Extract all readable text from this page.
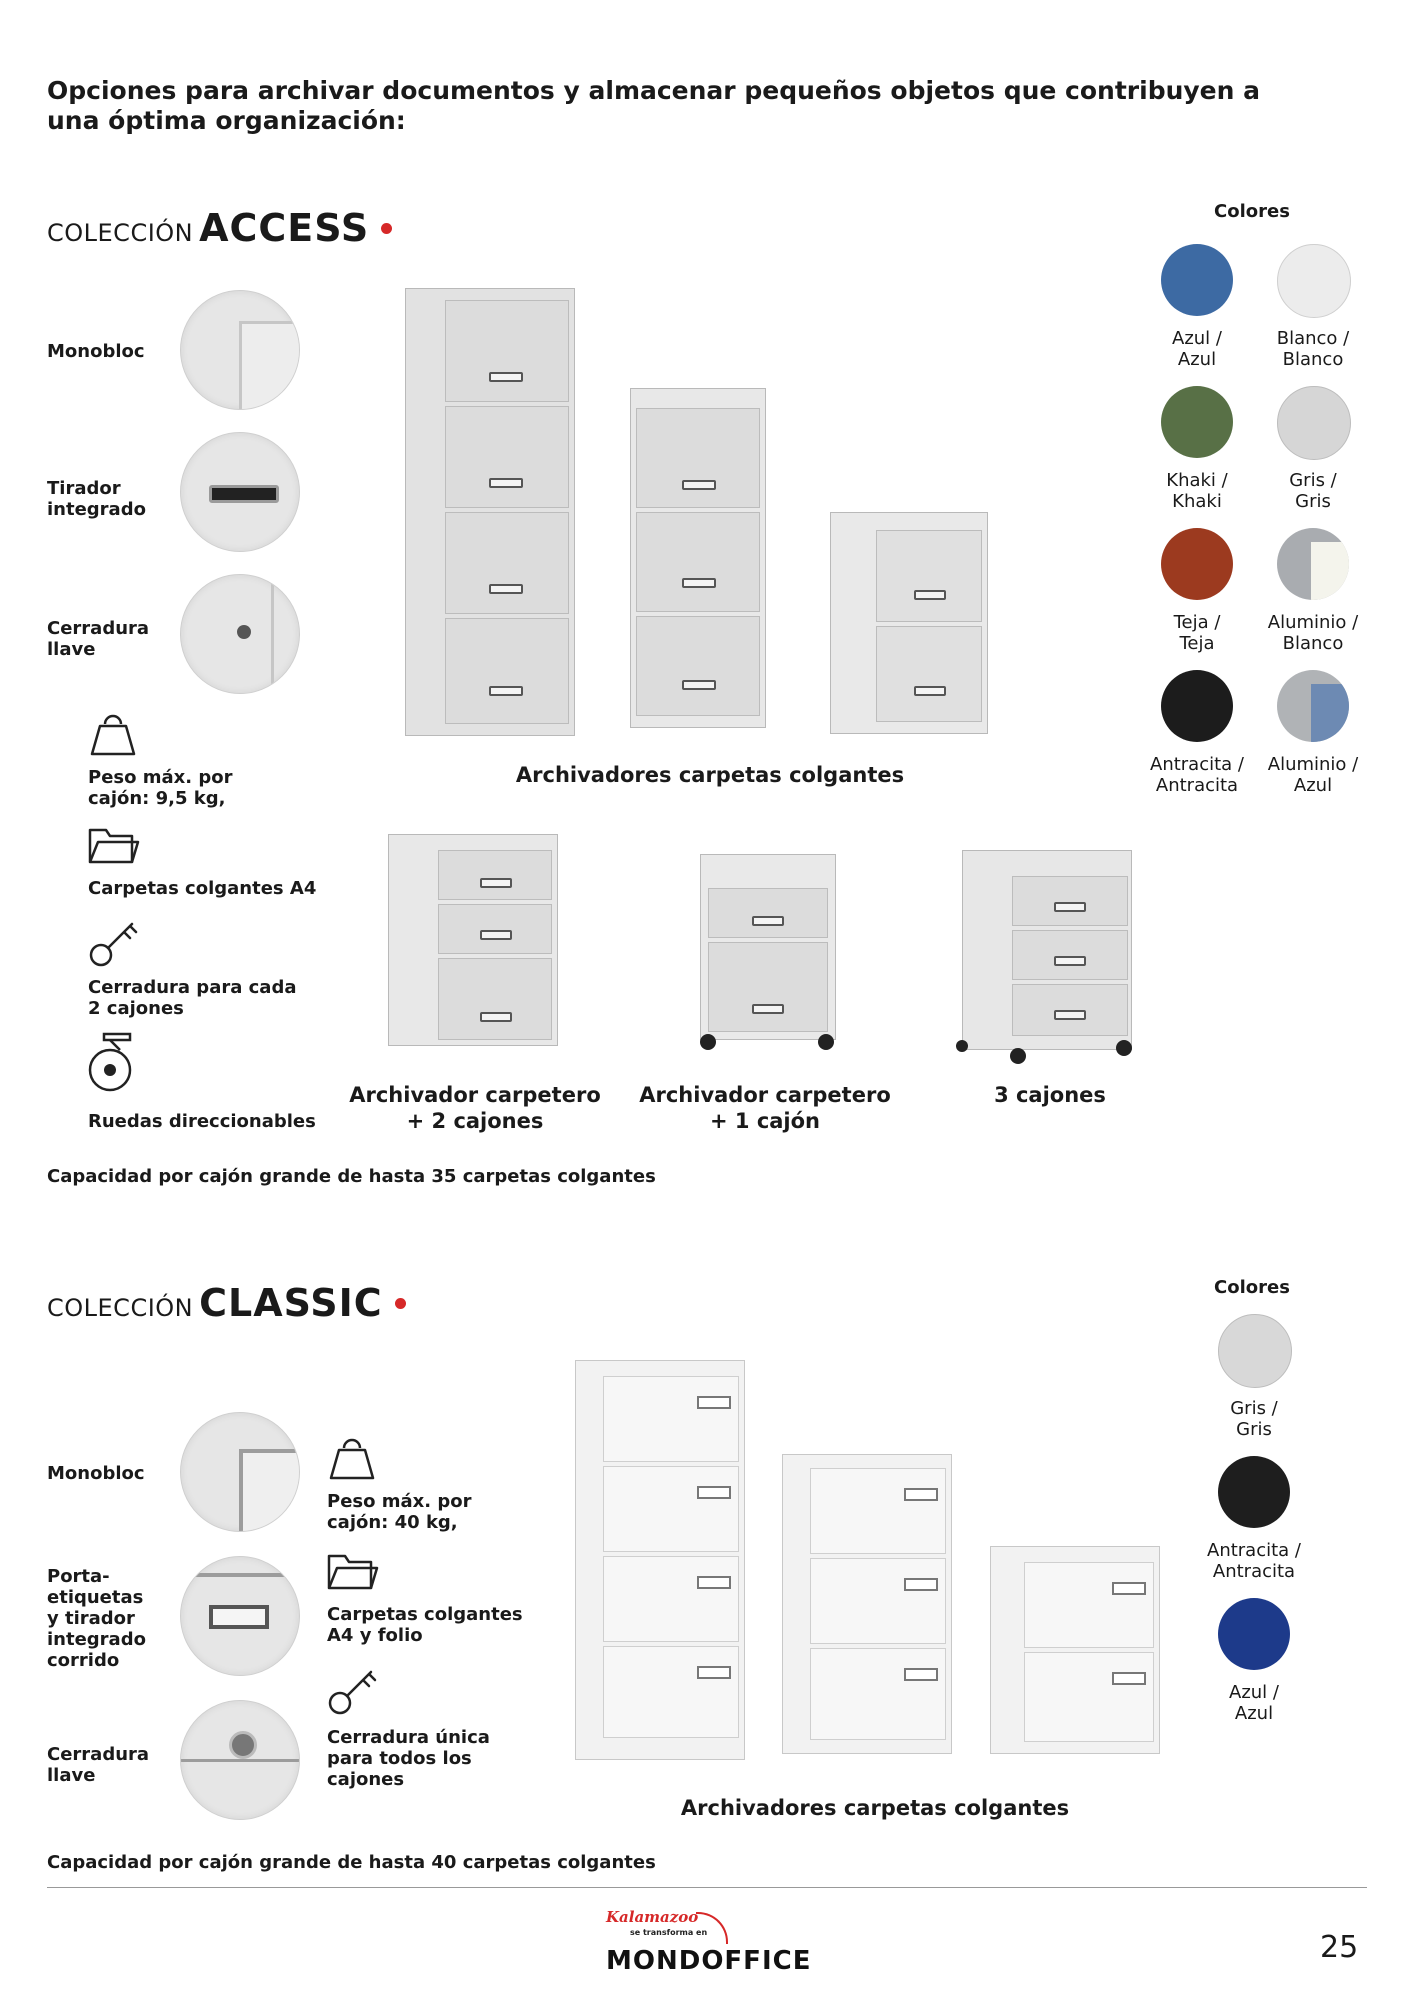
Opciones para archivar documentos y almacenar pequeños objetos que contribuyen a una óptima organización:
COLECCIÓN ACCESS
Monobloc
Tirador integrado
Cerradura llave
Peso máx. por cajón: 9,5 kg,
Carpetas colgantes A4
Cerradura para cada 2 cajones
Ruedas direccionables
Archivadores carpetas colgantes
Archivador carpetero + 2 cajones
Archivador carpetero + 1 cajón
3 cajones
Capacidad por cajón grande de hasta 35 carpetas colgantes
Colores
Azul /
Azul
Blanco /
Blanco
Khaki /
Khaki
Gris /
Gris
Teja /
Teja
Aluminio /
Blanco
Antracita /
Antracita
Aluminio /
Azul
COLECCIÓN CLASSIC
Monobloc
Porta- etiquetas y tirador integrado corrido
Cerradura llave
Peso máx. por cajón: 40 kg,
Carpetas colgantes A4 y folio
Cerradura única para todos los cajones
Archivadores carpetas colgantes
Capacidad por cajón grande de hasta 40 carpetas colgantes
Colores
Gris /
Gris
Antracita /
Antracita
Azul /
Azul
Kalamazoo
se transforma en
MONDOFFICE	25
